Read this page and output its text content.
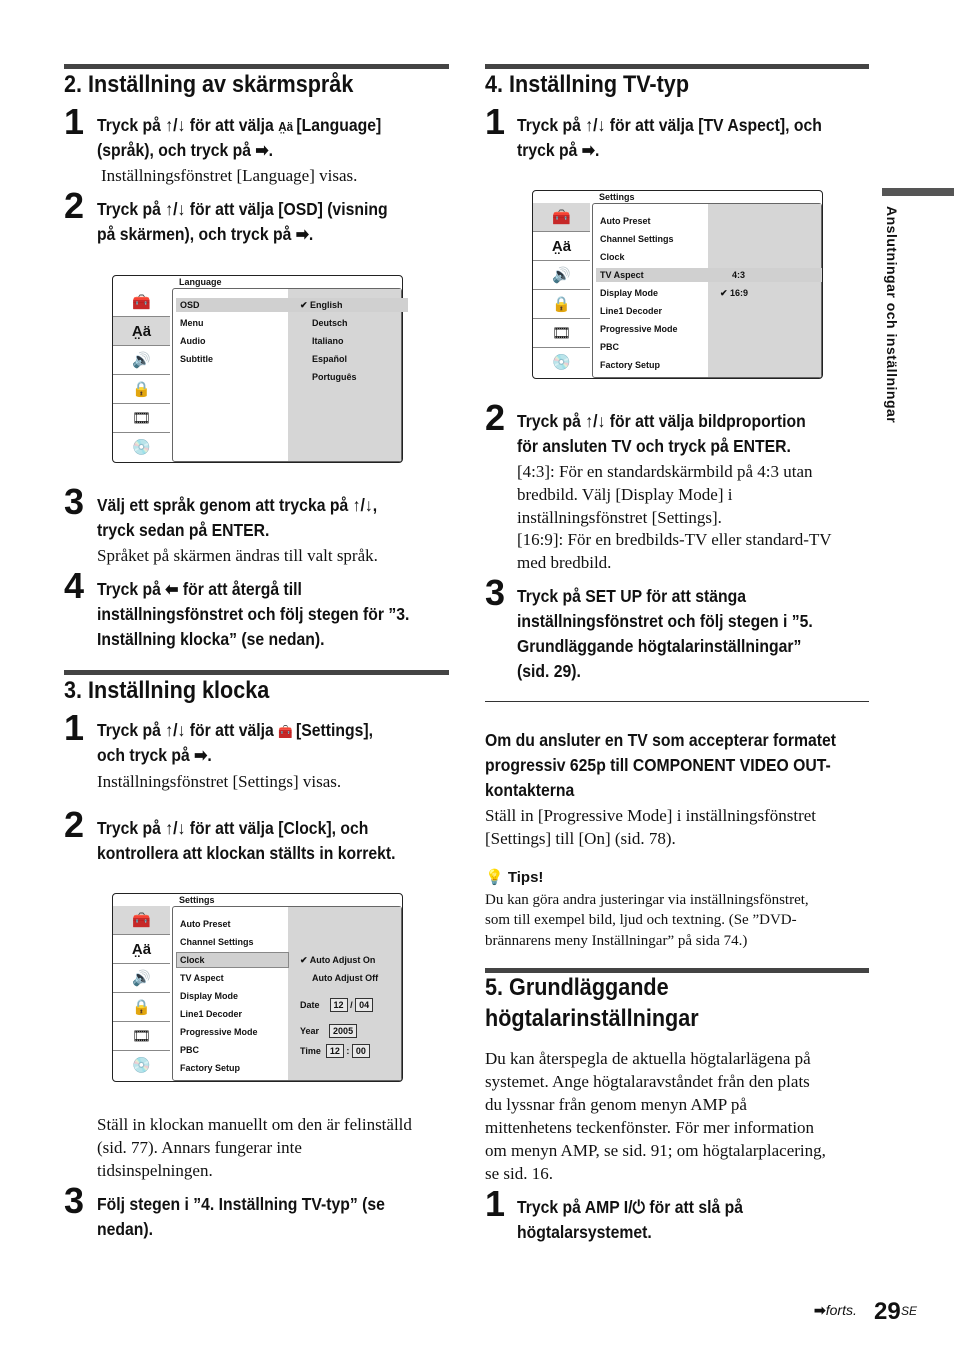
Anslutningar och inställningar
2. Inställning av skärmspråk
1 Tryck på ↑/↓ för att välja A̤ä [Language]
(språk), och tryck på ➡.
Inställningsfönstret [Language] visas.
2 Tryck på ↑/↓ för att välja [OSD] (visning
på skärmen), och tryck på ➡.
Language
🧰
A̤ä
🔊
🔒
🎞
💿
OSD
Menu
Audio
Subtitle
✔ English
Deutsch
Italiano
Español
Português
3 Välj ett språk genom att trycka på ↑/↓,
tryck sedan på ENTER.
Språket på skärmen ändras till valt språk.
4 Tryck på ⬅ för att återgå till
inställningsfönstret och följ stegen för ”3.
Inställning klocka” (se nedan).
3. Inställning klocka
1 Tryck på ↑/↓ för att välja 🧰 [Settings],
och tryck på ➡.
Inställningsfönstret [Settings] visas.
2 Tryck på ↑/↓ för att välja [Clock], och
kontrollera att klockan ställts in korrekt.
Settings
🧰
A̤ä
🔊
🔒
🎞
💿
Auto Preset
Channel Settings
Clock
TV Aspect
Display Mode
Line1 Decoder
Progressive Mode
PBC
Factory Setup
✔ Auto Adjust On
Auto Adjust Off
Date 12 / 04
Year 2005
Time 12 : 00
Ställ in klockan manuellt om den är felinställd
(sid. 77). Annars fungerar inte
tidsinspelningen.
3 Följ stegen i ”4. Inställning TV-typ” (se
nedan).
4. Inställning TV-typ
1 Tryck på ↑/↓ för att välja [TV Aspect], och
tryck på ➡.
Settings
🧰
A̤ä
🔊
🔒
🎞
💿
Auto Preset
Channel Settings
Clock
TV Aspect
Display Mode
Line1 Decoder
Progressive Mode
PBC
Factory Setup
4:3
✔ 16:9
2 Tryck på ↑/↓ för att välja bildproportion
för ansluten TV och tryck på ENTER.
[4:3]: För en standardskärmbild på 4:3 utan
bredbild. Välj [Display Mode] i
inställningsfönstret [Settings].
[16:9]: För en bredbilds-TV eller standard-TV
med bredbild.
3 Tryck på SET UP för att stänga
inställningsfönstret och följ stegen i ”5.
Grundläggande högtalarinställningar”
(sid. 29).
Om du ansluter en TV som accepterar formatet
progressiv 625p till COMPONENT VIDEO OUT-
kontakterna
Ställ in [Progressive Mode] i inställningsfönstret
[Settings] till [On] (sid. 78).
💡 Tips!
Du kan göra andra justeringar via inställningsfönstret,
som till exempel bild, ljud och textning. (Se ”DVD-
brännarens meny Inställningar” på sida 74.)
5. Grundläggande
högtalarinställningar
Du kan återspegla de aktuella högtalarlägena på
systemet. Ange högtalaravståndet från den plats
du lyssnar från genom menyn AMP på
mittenhetens teckenfönster. För mer information
om menyn AMP, se sid. 91; om högtalarplacering,
se sid. 16.
1 Tryck på AMP I/⏻ för att slå på
högtalarsystemet.
➡forts. 29 SE
